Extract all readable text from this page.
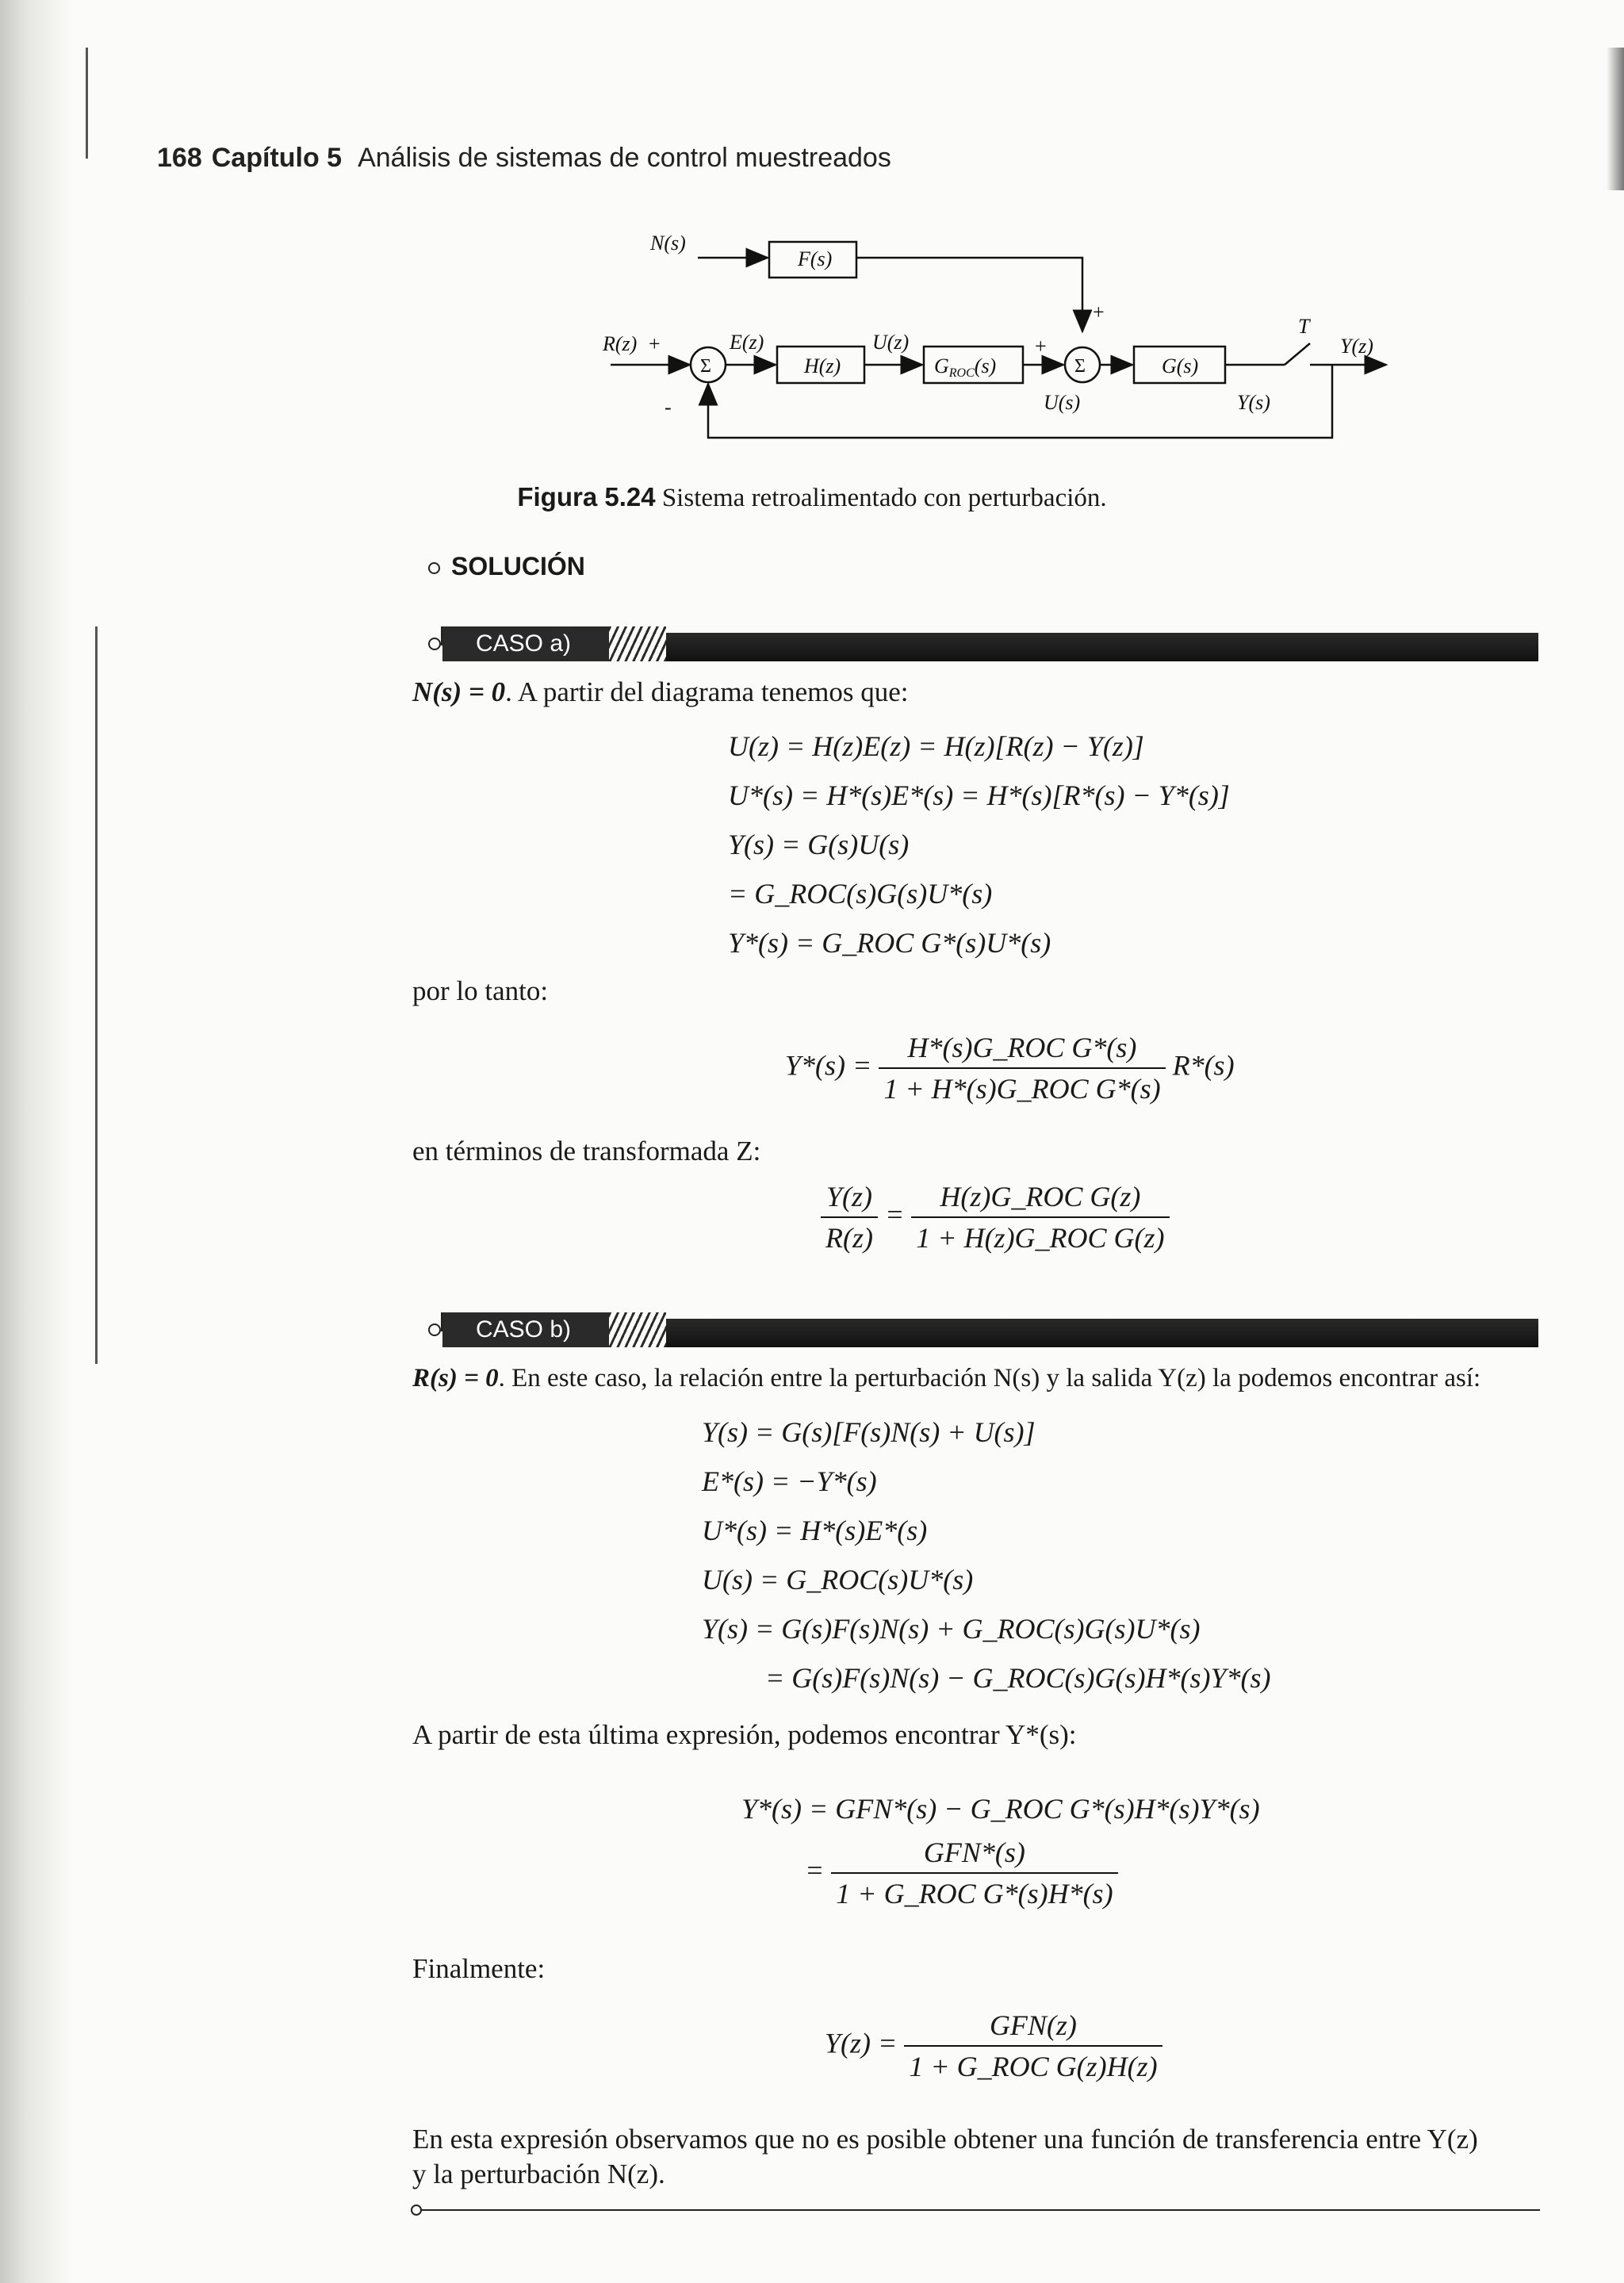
168 Capítulo 5 Análisis de sistemas de control muestreados
N(s)
F(s)
R(z) +
-
Σ
E(z)
H(z)
U(z)
GROC(s)
+
+
Σ
U(s)
G(s)
T
Y(s)
Y(z)
Figura 5.24 Sistema retroalimentado con perturbación.
SOLUCIÓN
CASO a)
N(s) = 0. A partir del diagrama tenemos que:
U(z) = H(z)E(z) = H(z)[R(z) − Y(z)]
U*(s) = H*(s)E*(s) = H*(s)[R*(s) − Y*(s)]
Y(s) = G(s)U(s)
= G_ROC(s)G(s)U*(s)
Y*(s) = G_ROC G*(s)U*(s)
por lo tanto:
$Y*(s) = \frac{\text{H*(s)G\_ROC G*(s)}}{\text{1 + H*(s)G\_ROC G*(s)}} R*(s)$
en términos de transformada Z:
$\frac{Y(z)}{R(z)} = \frac{\text{H(z)G\_ROC G(z)}}{\text{1 + H(z)G\_ROC G(z)}}$
CASO b)
R(s) = 0. En este caso, la relación entre la perturbación N(s) y la salida Y(z) la podemos encontrar así:
Y(s) = G(s)[F(s)N(s) + U(s)]
E*(s) = −Y*(s)
U*(s) = H*(s)E*(s)
U(s) = G_ROC(s)U*(s)
Y(s) = G(s)F(s)N(s) + G_ROC(s)G(s)U*(s)
= G(s)F(s)N(s) − G_ROC(s)G(s)H*(s)Y*(s)
A partir de esta última expresión, podemos encontrar Y*(s):
Y*(s) = GFN*(s) − G_ROC G*(s)H*(s)Y*(s)
= $\frac{\text{GFN*(s)}}{\text{1 + G\_ROC G*(s)H*(s)}}$
Finalmente:
$Y(z) = \frac{\text{GFN(z)}}{\text{1 + G\_ROC G(z)H(z)}}$
En esta expresión observamos que no es posible obtener una función de transferencia entre Y(z)
y la perturbación N(z).
